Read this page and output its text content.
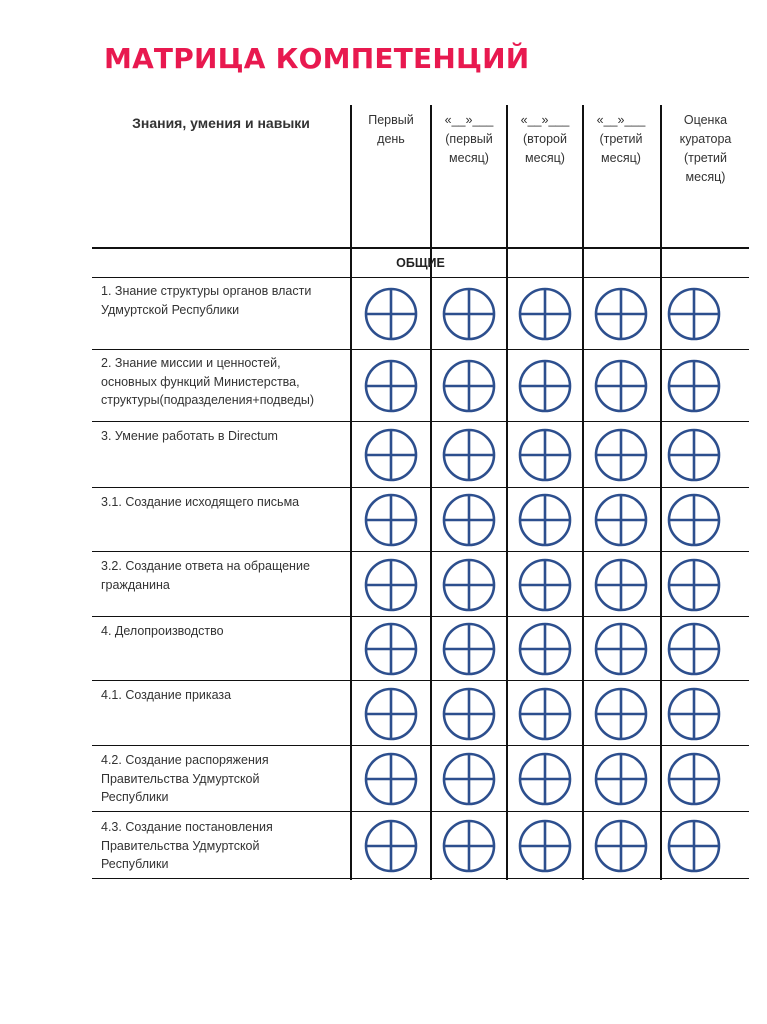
МАТРИЦА КОМПЕТЕНЦИЙ
Знания, умения и навыки	Первый
день
«__»___
(первый
месяц)
«__»___
(второй
месяц)
«__»___
(третий
месяц)
Оценка
куратора
(третий
месяц)
ОБЩИЕ
1. Знание структуры органов власти
Удмуртской Республики
2. Знание миссии и ценностей,
основных функций Министерства,
структуры(подразделения+подведы)
3. Умение работать в Directum
3.1. Создание исходящего письма
3.2. Создание ответа на обращение
гражданина
4. Делопроизводство
4.1. Создание приказа
4.2. Создание распоряжения
Правительства Удмуртской
Республики
4.3. Создание постановления
Правительства Удмуртской
Республики
